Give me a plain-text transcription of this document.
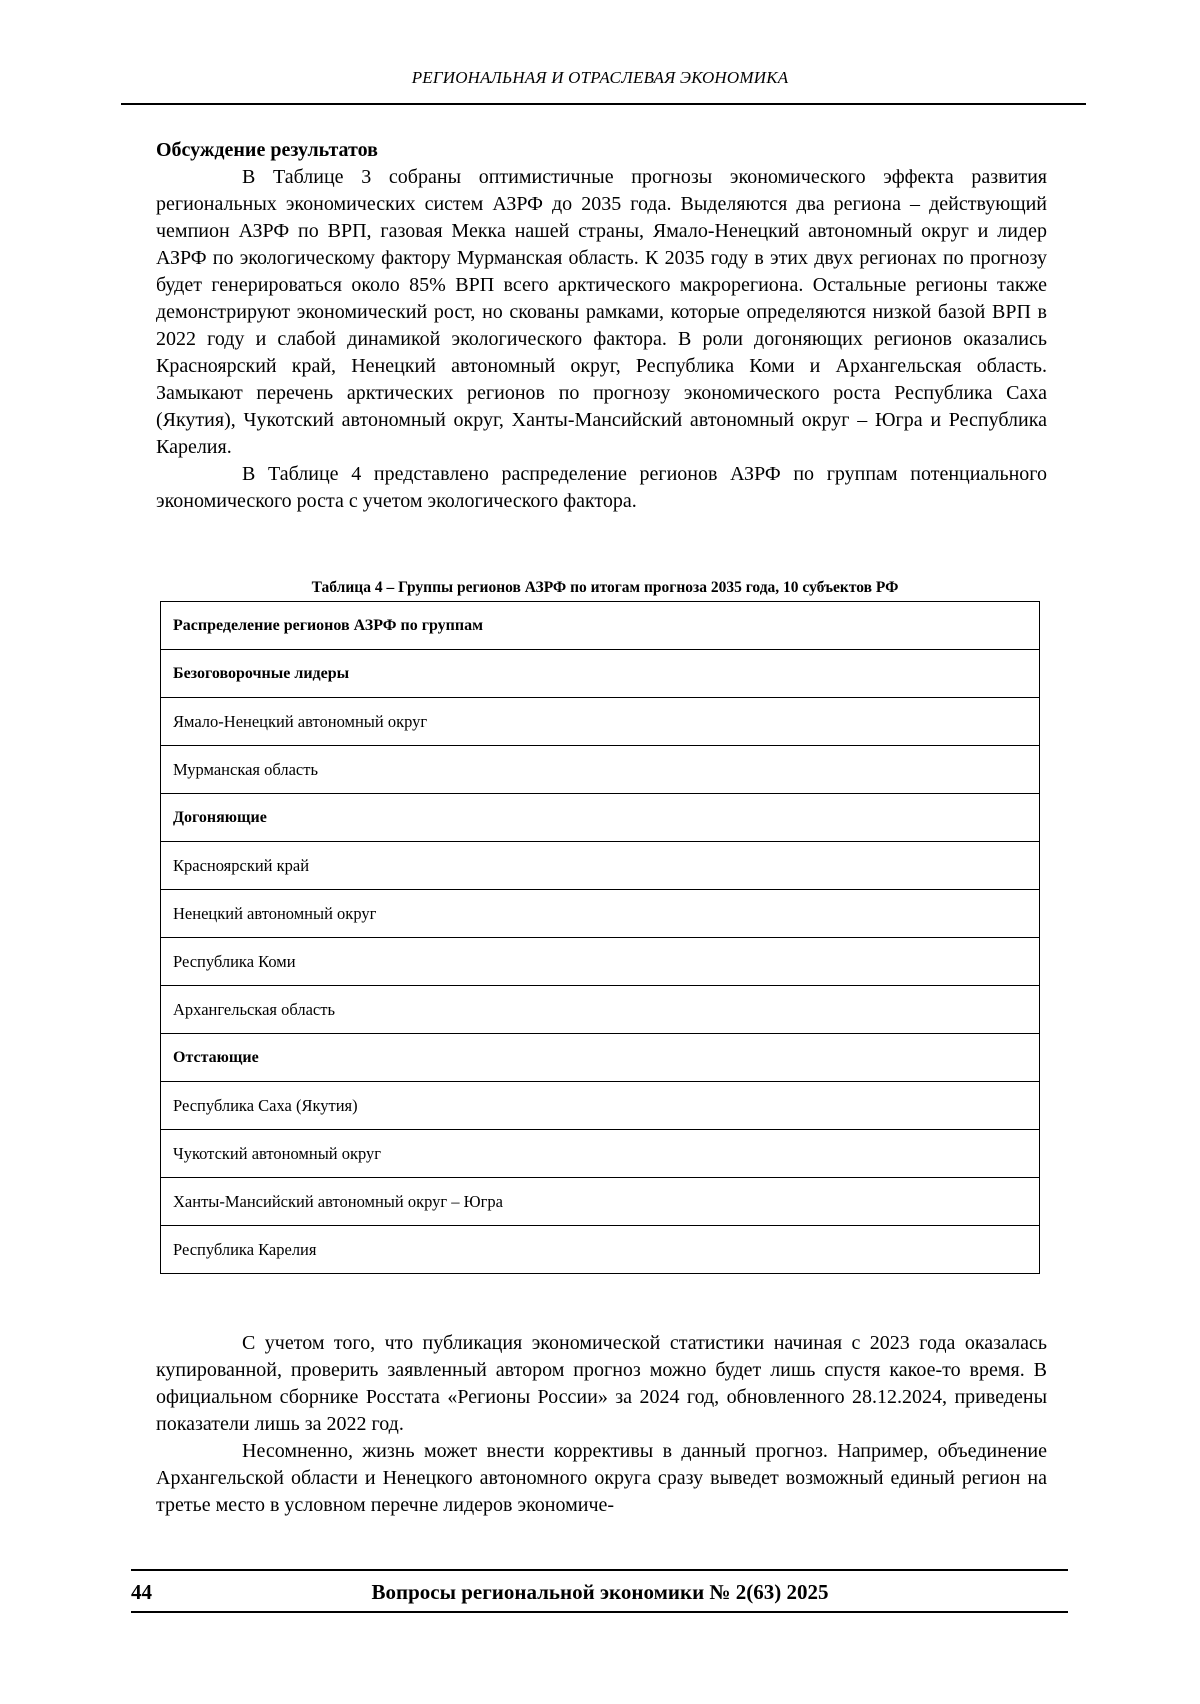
РЕГИОНАЛЬНАЯ И ОТРАСЛЕВАЯ ЭКОНОМИКА
Обсуждение результатов

В Таблице 3 собраны оптимистичные прогнозы экономического эффекта развития региональных экономических систем АЗРФ до 2035 года. Выделяются два региона – действующий чемпион АЗРФ по ВРП, газовая Мекка нашей страны, Ямало-Ненецкий автономный округ и лидер АЗРФ по экологическому фактору Мурманская область. К 2035 году в этих двух регионах по прогнозу будет генерироваться около 85% ВРП всего арктического макрорегиона. Остальные регионы также демонстрируют экономический рост, но скованы рамками, которые определяются низкой базой ВРП в 2022 году и слабой динамикой экологического фактора. В роли догоняющих регионов оказались Красноярский край, Ненецкий автономный округ, Республика Коми и Архангельская область. Замыкают перечень арктических регионов по прогнозу экономического роста Республика Саха (Якутия), Чукотский автономный округ, Ханты-Мансийский автономный округ – Югра и Республика Карелия.

В Таблице 4 представлено распределение регионов АЗРФ по группам потенциального экономического роста с учетом экологического фактора.

Таблица 4 – Группы регионов АЗРФ по итогам прогноза 2035 года, 10 субъектов РФ
Распределение регионов АЗРФ по группам
Безоговорочные лидеры
Ямало-Ненецкий автономный округ
Мурманская область
Догоняющие
Красноярский край
Ненецкий автономный округ
Республика Коми
Архангельская область
Отстающие
Республика Саха (Якутия)
Чукотский автономный округ
Ханты-Мансийский автономный округ – Югра
Республика Карелия

С учетом того, что публикация экономической статистики начиная с 2023 года оказалась купированной, проверить заявленный автором прогноз можно будет лишь спустя какое-то время. В официальном сборнике Росстата «Регионы России» за 2024 год, обновленного 28.12.2024, приведены показатели лишь за 2022 год.

Несомненно, жизнь может внести коррективы в данный прогноз. Например, объединение Архангельской области и Ненецкого автономного округа сразу выведет возможный единый регион на третье место в условном перечне лидеров экономиче-

Вопросы региональной экономики № 2(63) 2025
44
